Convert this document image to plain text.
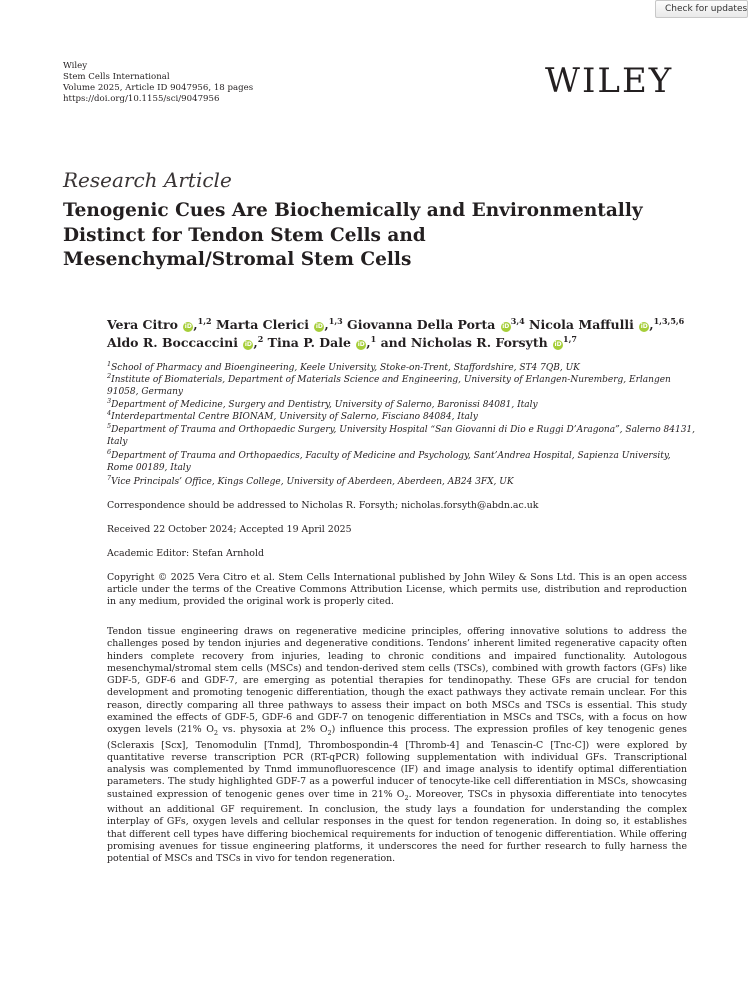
Check for updates
Wiley
Stem Cells International
Volume 2025, Article ID 9047956, 18 pages
https://doi.org/10.1155/sci/9047956	WILEY
Research Article
Tenogenic Cues Are Biochemically and Environmentally Distinct for Tendon Stem Cells and Mesenchymal/Stromal Stem Cells
Vera Citro iD,$^{1,2}$ Marta Clerici iD,$^{1,3}$ Giovanna Della Porta iD$^{3,4}$ Nicola Maffulli iD,$^{1,3,5,6}$
Aldo R. Boccaccini iD,$^2$ Tina P. Dale iD,$^1$ and Nicholas R. Forsyth iD$^{1,7}$
$^1$School of Pharmacy and Bioengineering, Keele University, Stoke-on-Trent, Staffordshire, ST4 7QB, UK
$^2$Institute of Biomaterials, Department of Materials Science and Engineering, University of Erlangen-Nuremberg, Erlangen 91058, Germany
$^3$Department of Medicine, Surgery and Dentistry, University of Salerno, Baronissi 84081, Italy
$^4$Interdepartmental Centre BIONAM, University of Salerno, Fisciano 84084, Italy
$^5$Department of Trauma and Orthopaedic Surgery, University Hospital “San Giovanni di Dio e Ruggi D’Aragona”, Salerno 84131, Italy
$^6$Department of Trauma and Orthopaedics, Faculty of Medicine and Psychology, Sant’Andrea Hospital, Sapienza University, Rome 00189, Italy
$^7$Vice Principals’ Office, Kings College, University of Aberdeen, Aberdeen, AB24 3FX, UK
Correspondence should be addressed to Nicholas R. Forsyth; nicholas.forsyth@abdn.ac.uk
Received 22 October 2024; Accepted 19 April 2025
Academic Editor: Stefan Arnhold
Copyright © 2025 Vera Citro et al. Stem Cells International published by John Wiley & Sons Ltd. This is an open access article under the terms of the Creative Commons Attribution License, which permits use, distribution and reproduction in any medium, provided the original work is properly cited.
Tendon tissue engineering draws on regenerative medicine principles, offering innovative solutions to address the challenges posed by tendon injuries and degenerative conditions. Tendons’ inherent limited regenerative capacity often hinders complete recovery from injuries, leading to chronic conditions and impaired functionality. Autologous mesenchymal/stromal stem cells (MSCs) and tendon-derived stem cells (TSCs), combined with growth factors (GFs) like GDF-5, GDF-6 and GDF-7, are emerging as potential therapies for tendinopathy. These GFs are crucial for tendon development and promoting tenogenic differentiation, though the exact pathways they activate remain unclear. For this reason, directly comparing all three pathways to assess their impact on both MSCs and TSCs is essential. This study examined the effects of GDF-5, GDF-6 and GDF-7 on tenogenic differentiation in MSCs and TSCs, with a focus on how oxygen levels (21% $O_2$ vs. physoxia at 2% $O_2$) influence this process. The expression profiles of key tenogenic genes (Scleraxis [Scx], Tenomodulin [Tnmd], Thrombospondin-4 [Thromb-4] and Tenascin-C [Tnc-C]) were explored by quantitative reverse transcription PCR (RT-qPCR) following supplementation with individual GFs. Transcriptional analysis was complemented by Tnmd immunofluorescence (IF) and image analysis to identify optimal differentiation parameters. The study highlighted GDF-7 as a powerful inducer of tenocyte-like cell differentiation in MSCs, showcasing sustained expression of tenogenic genes over time in 21% $O_2$. Moreover, TSCs in physoxia differentiate into tenocytes without an additional GF requirement. In conclusion, the study lays a foundation for understanding the complex interplay of GFs, oxygen levels and cellular responses in the quest for tendon regeneration. In doing so, it establishes that different cell types have differing biochemical requirements for induction of tenogenic differentiation. While offering promising avenues for tissue engineering platforms, it underscores the need for further research to fully harness the potential of MSCs and TSCs in vivo for tendon regeneration.
